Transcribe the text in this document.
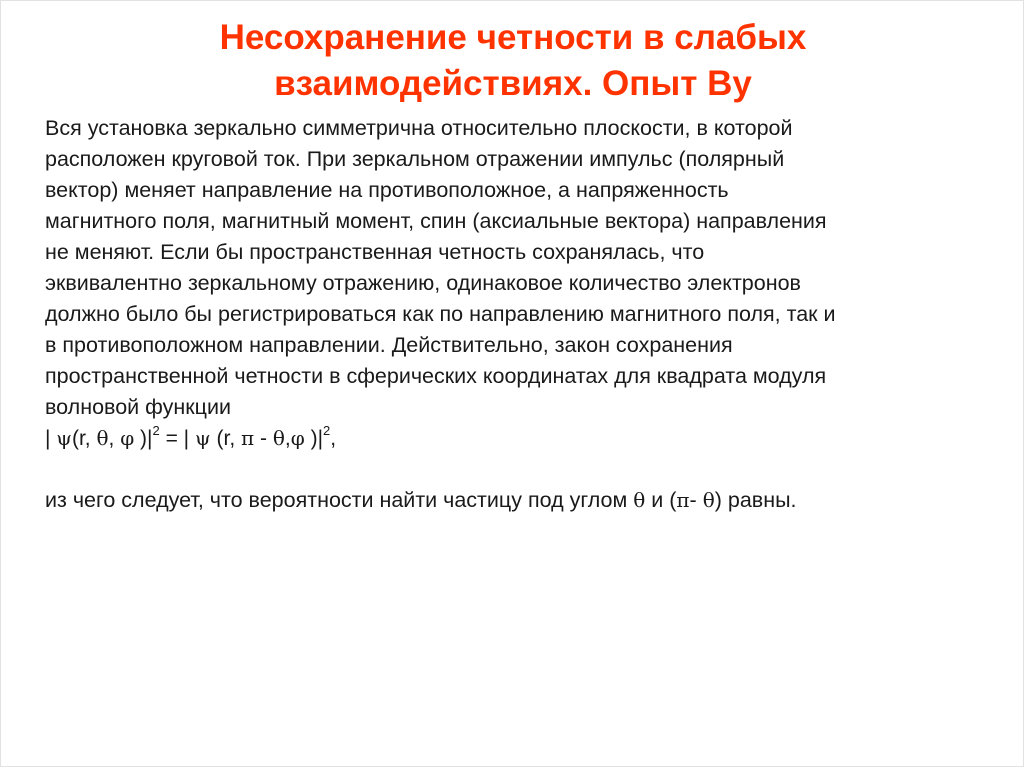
Несохранение четности в слабых
взаимодействиях. Опыт Ву
Вся установка зеркально симметрична относительно плоскости, в которой
расположен круговой ток. При зеркальном отражении импульс (полярный
вектор) меняет направление на противоположное, а напряженность
магнитного поля, магнитный момент, спин (аксиальные вектора) направления
не меняют. Если бы пространственная четность сохранялась, что
эквивалентно зеркальному отражению, одинаковое количество электронов
должно было бы регистрироваться как по направлению магнитного поля, так и
в противоположном направлении. Действительно, закон сохранения
пространственной четности в сферических координатах для квадрата модуля
волновой функции
| ψ(r, θ, φ )$|^2$ = | ψ (r, π - θ,φ )$|^2$,
из чего следует, что вероятности найти частицу под углом θ и (π- θ) равны.
